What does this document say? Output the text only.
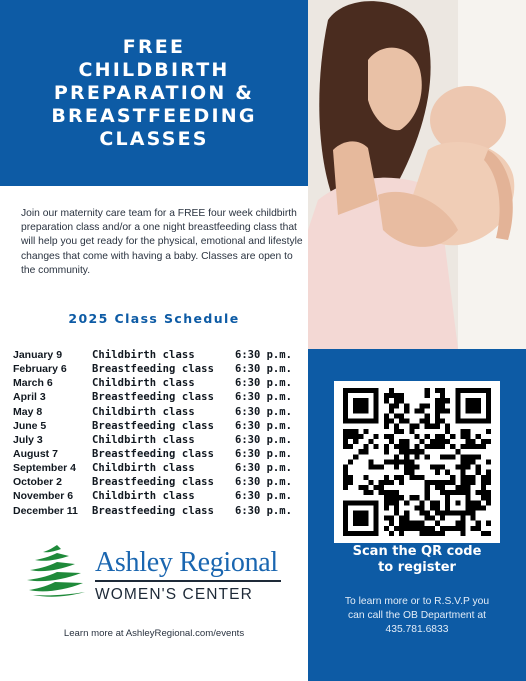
FREE
CHILDBIRTH
PREPARATION &
BREASTFEEDING
CLASSES

Join our maternity care team for a FREE four week childbirth preparation class and/or a one night breastfeeding class that will help you get ready for the physical, emotional and lifestyle changes that come with having a baby. Classes are open to the community.

2025 Class Schedule
January 9	Childbirth class	6:30 p.m.
February 6	Breastfeeding class	6:30 p.m.
March 6	Childbirth class	6:30 p.m.
April 3	Breastfeeding class	6:30 p.m.
May 8	Childbirth class	6:30 p.m.
June 5	Breastfeeding class	6:30 p.m.
July 3	Childbirth class	6:30 p.m.
August 7	Breastfeeding class	6:30 p.m.
September 4	Childbirth class	6:30 p.m.
October 2	Breastfeeding class	6:30 p.m.
November 6	Childbirth class	6:30 p.m.
December 11	Breastfeeding class	6:30 p.m.
Ashley Regional
WOMEN'S CENTER

Learn more at AshleyRegional.com/events

Scan the QR code
to register
To learn more or to R.S.V.P you
can call the OB Department at
435.781.6833
